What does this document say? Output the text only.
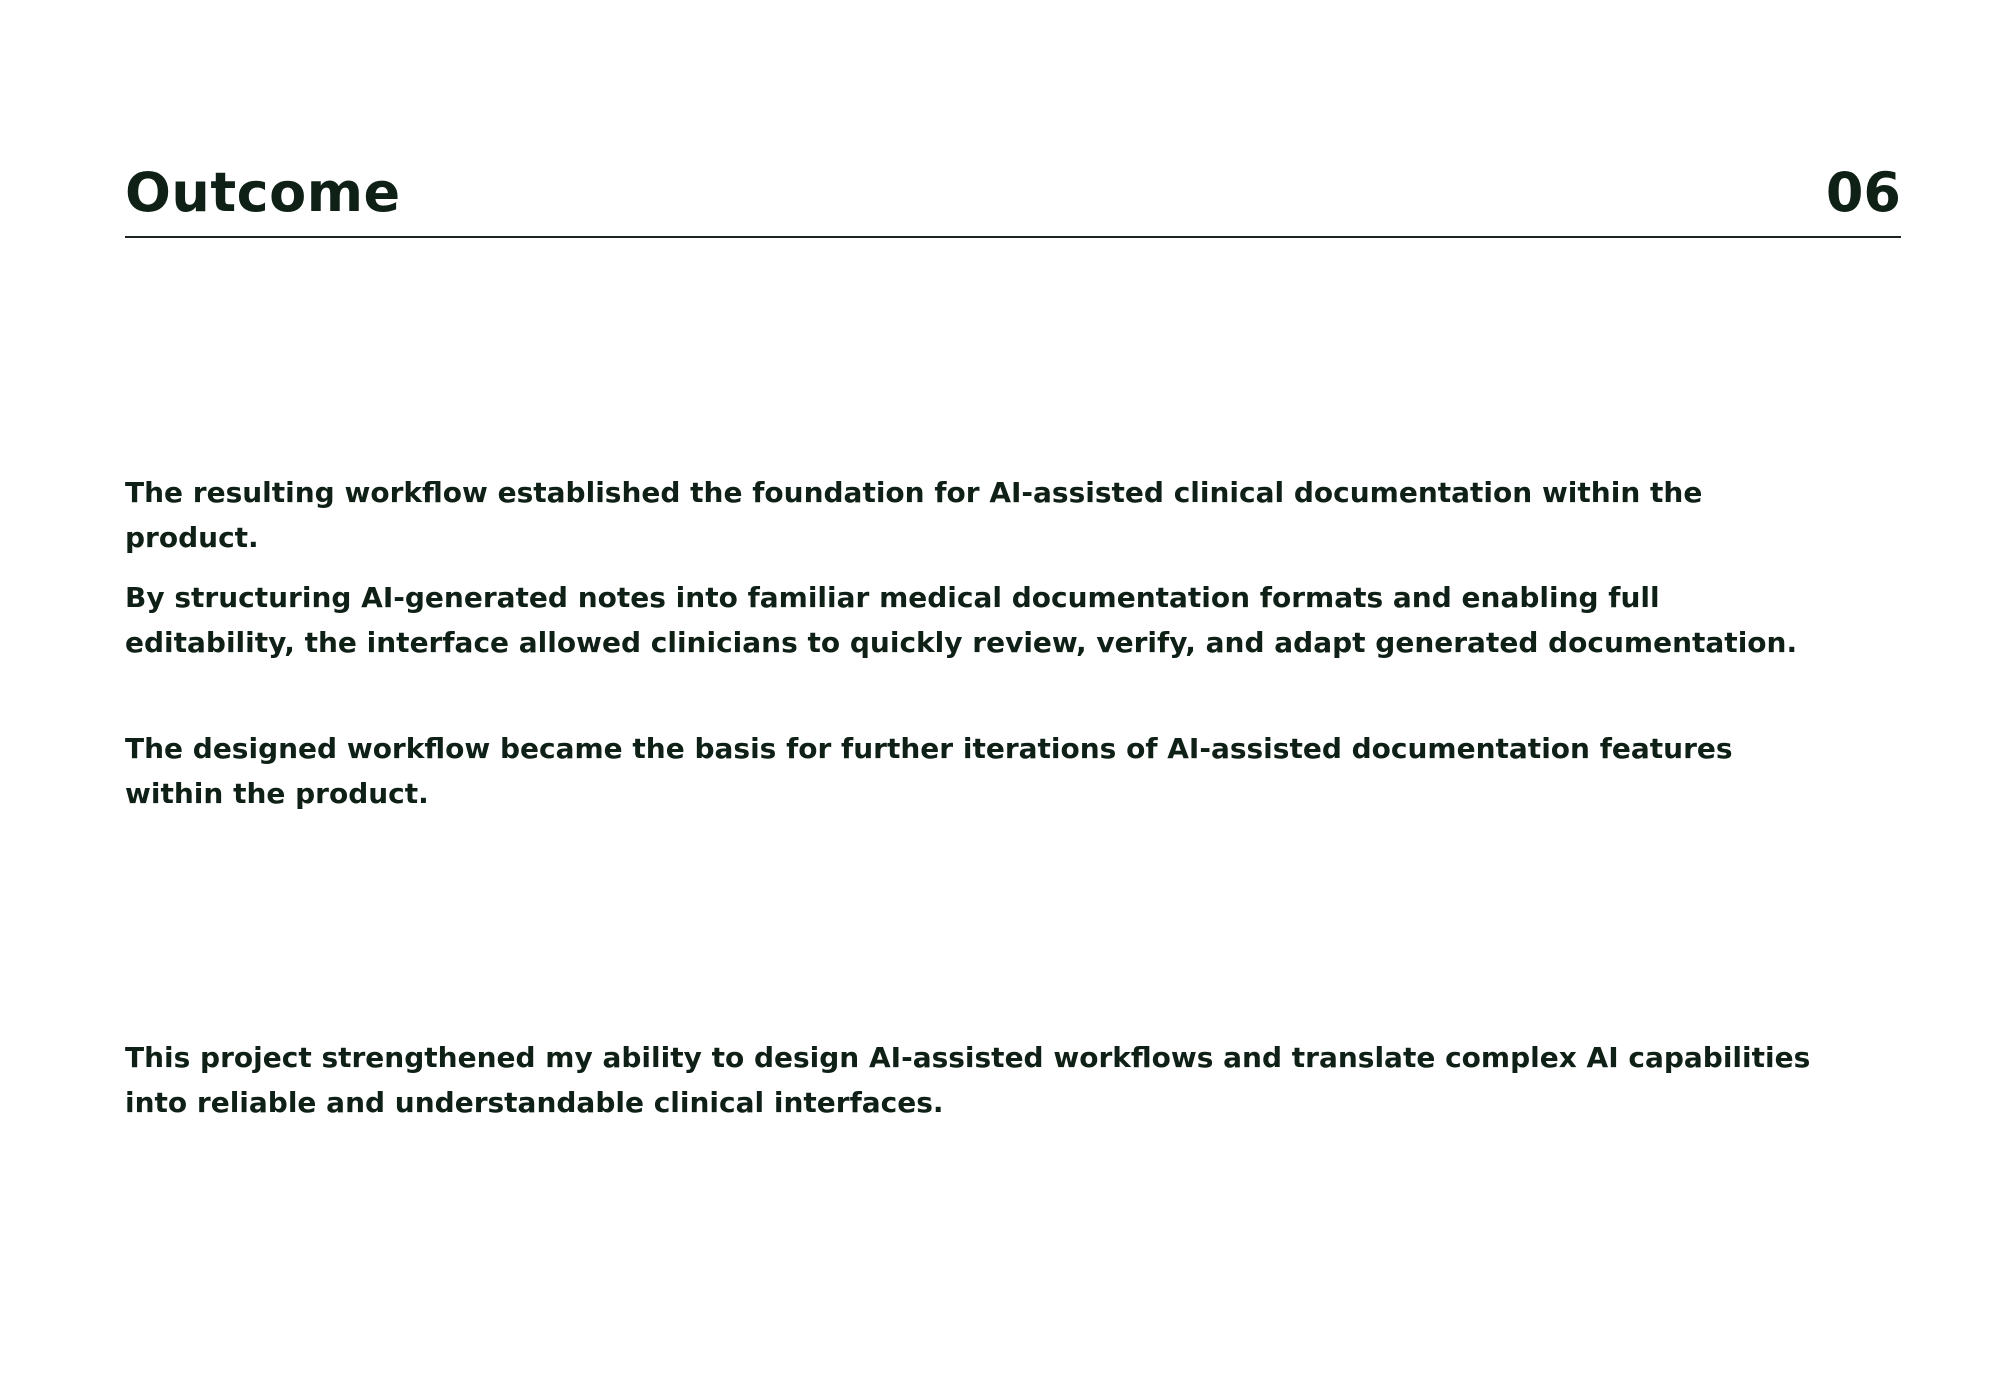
Outcome	06

The resulting workflow established the foundation for AI-assisted clinical documentation within the product.

By structuring AI-generated notes into familiar medical documentation formats and enabling full editability, the interface allowed clinicians to quickly review, verify, and adapt generated documentation.

The designed workflow became the basis for further iterations of AI-assisted documentation features within the product.

This project strengthened my ability to design AI-assisted workflows and translate complex AI capabilities into reliable and understandable clinical interfaces.
